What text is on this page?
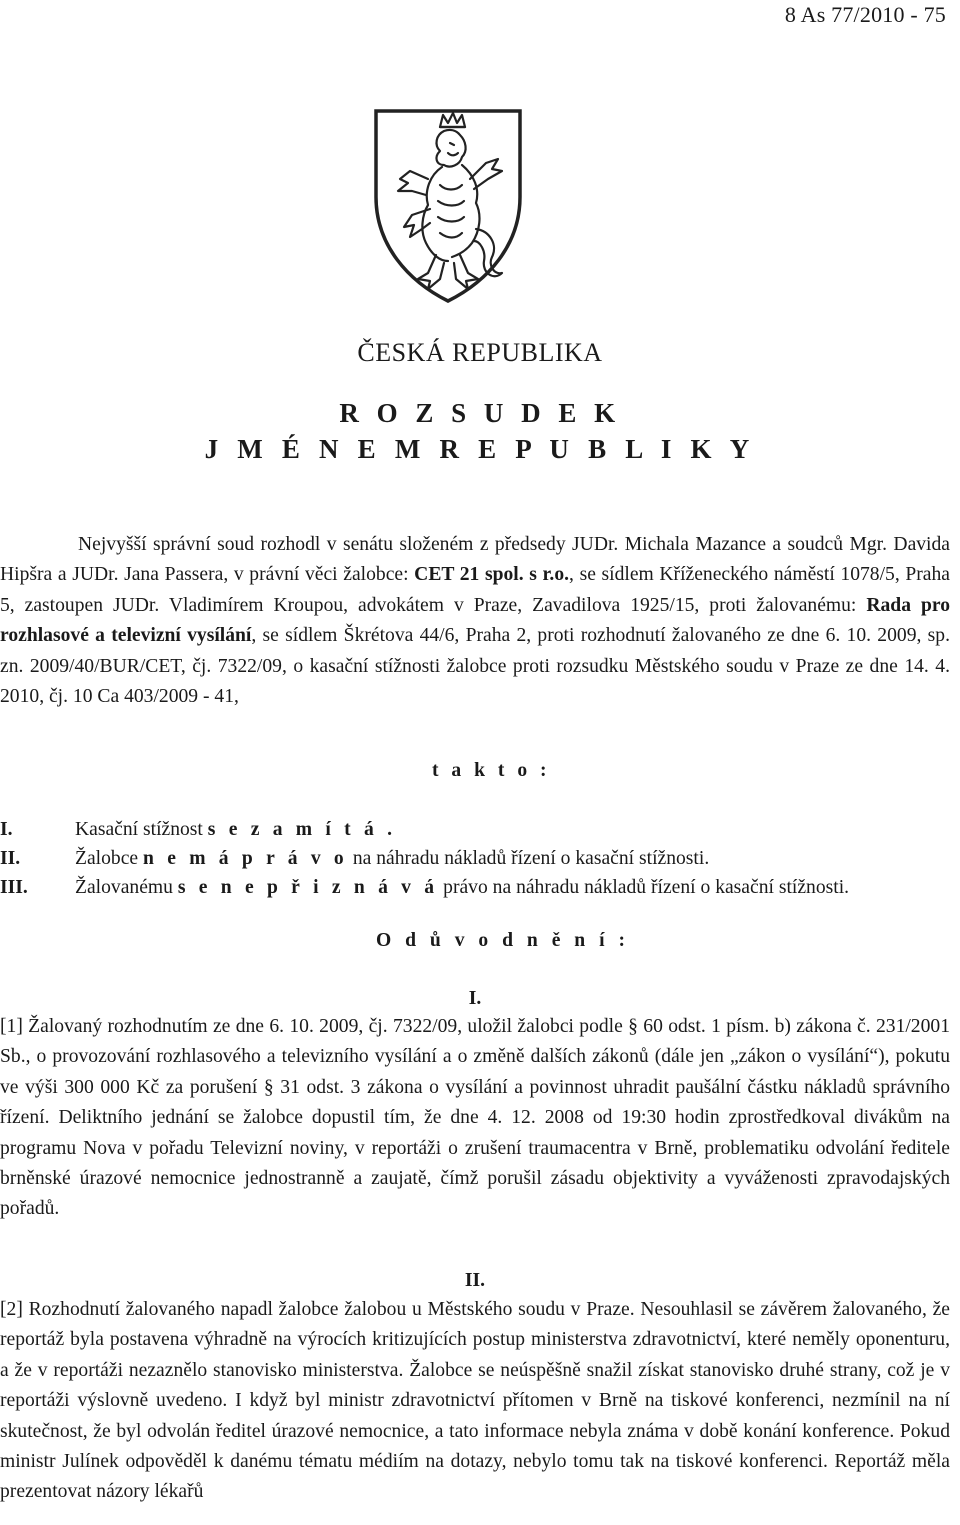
8 As 77/2010 - 75
ČESKÁ REPUBLIKA
R O Z S U D E K
J M É N E M R E P U B L I K Y
Nejvyšší správní soud rozhodl v senátu složeném z předsedy JUDr. Michala Mazance a soudců Mgr. Davida Hipšra a JUDr. Jana Passera, v právní věci žalobce: CET 21 spol. s r.o., se sídlem Kříženeckého náměstí 1078/5, Praha 5, zastoupen JUDr. Vladimírem Kroupou, advokátem v Praze, Zavadilova 1925/15, proti žalovanému: Rada pro rozhlasové a televizní vysílání, se sídlem Škrétova 44/6, Praha 2, proti rozhodnutí žalovaného ze dne 6. 10. 2009, sp. zn. 2009/40/BUR/CET, čj. 7322/09, o kasační stížnosti žalobce proti rozsudku Městského soudu v Praze ze dne 14. 4. 2010, čj. 10 Ca 403/2009 - 41,
t a k t o :
I.	Kasační stížnost s e z a m í t á .
II.	Žalobce n e m á p r á v o na náhradu nákladů řízení o kasační stížnosti.
III. Žalovanému s e n e p ř i z n á v á právo na náhradu nákladů řízení o kasační stížnosti.
O d ů v o d n ě n í :
I.
[1] Žalovaný rozhodnutím ze dne 6. 10. 2009, čj. 7322/09, uložil žalobci podle § 60 odst. 1 písm. b) zákona č. 231/2001 Sb., o provozování rozhlasového a televizního vysílání a o změně dalších zákonů (dále jen „zákon o vysílání“), pokutu ve výši 300 000 Kč za porušení § 31 odst. 3 zákona o vysílání a povinnost uhradit paušální částku nákladů správního řízení. Deliktního jednání se žalobce dopustil tím, že dne 4. 12. 2008 od 19:30 hodin zprostředkoval divákům na programu Nova v pořadu Televizní noviny, v reportáži o zrušení traumacentra v Brně, problematiku odvolání ředitele brněnské úrazové nemocnice jednostranně a zaujatě, čímž porušil zásadu objektivity a vyváženosti zpravodajských pořadů.
II.
[2] Rozhodnutí žalovaného napadl žalobce žalobou u Městského soudu v Praze. Nesouhlasil se závěrem žalovaného, že reportáž byla postavena výhradně na výrocích kritizujících postup ministerstva zdravotnictví, které neměly oponenturu, a že v reportáži nezaznělo stanovisko ministerstva. Žalobce se neúspěšně snažil získat stanovisko druhé strany, což je v reportáži výslovně uvedeno. I když byl ministr zdravotnictví přítomen v Brně na tiskové konferenci, nezmínil na ní skutečnost, že byl odvolán ředitel úrazové nemocnice, a tato informace nebyla známa v době konání konference. Pokud ministr Julínek odpověděl k danému tématu médiím na dotazy, nebylo tomu tak na tiskové konferenci. Reportáž měla prezentovat názory lékařů
